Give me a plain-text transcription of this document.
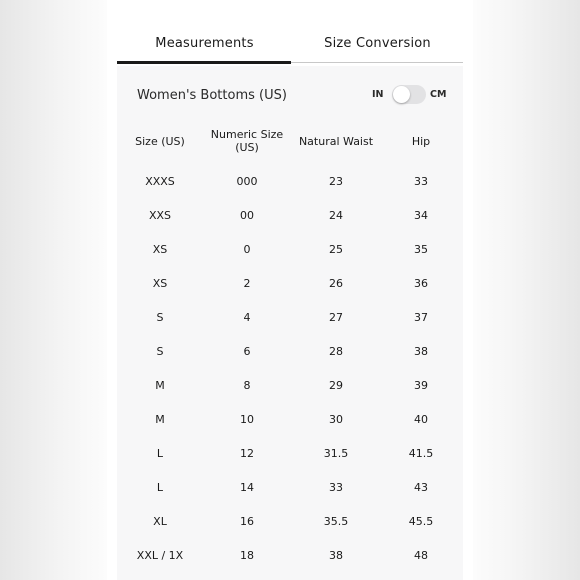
Measurements	Size Conversion
Women's Bottoms (US)	IN	CM
Size (US)	Numeric Size (US)	Natural Waist	Hip
XXXS	000	23	33
XXS	00	24	34
XS	0	25	35
XS	2	26	36
S	4	27	37
S	6	28	38
M	8	29	39
M	10	30	40
L	12	31.5	41.5
L	14	33	43
XL	16	35.5	45.5
XXL / 1X	18	38	48
